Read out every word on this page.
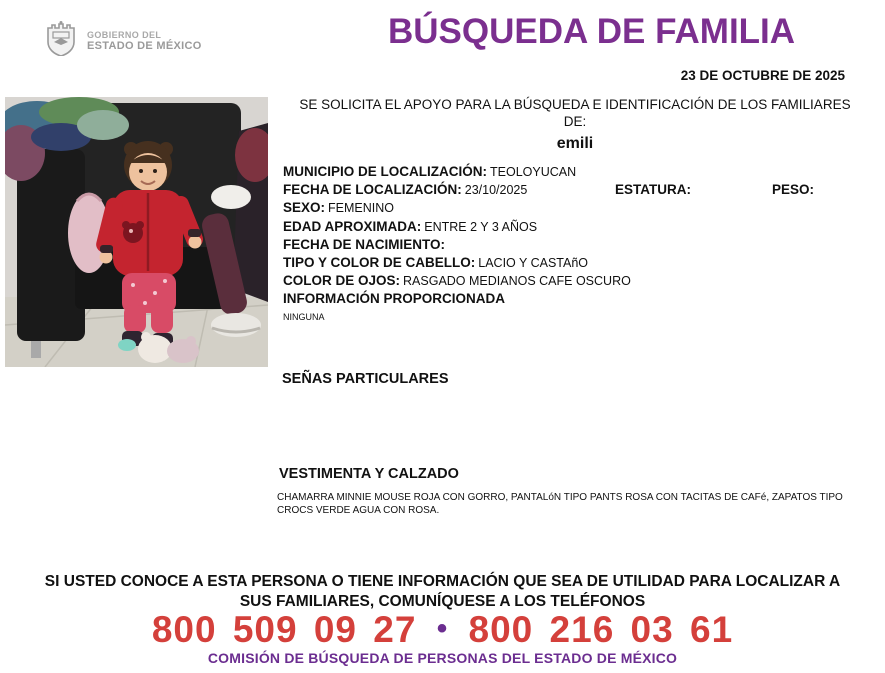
GOBIERNO DEL
ESTADO DE MÉXICO	BÚSQUEDA DE FAMILIA
23 DE OCTUBRE DE 2025
SE SOLICITA EL APOYO PARA LA BÚSQUEDA E IDENTIFICACIÓN DE LOS FAMILIARES
DE:
emili
MUNICIPIO DE LOCALIZACIÓN: TEOLOYUCAN
FECHA DE LOCALIZACIÓN: 23/10/2025	ESTATURA:	PESO:
SEXO: FEMENINO
EDAD APROXIMADA: ENTRE 2 Y 3 AÑOS
FECHA DE NACIMIENTO:
TIPO Y COLOR DE CABELLO: LACIO Y CASTAñO
COLOR DE OJOS: RASGADO MEDIANOS CAFE OSCURO
INFORMACIÓN PROPORCIONADA
NINGUNA
SEÑAS PARTICULARES
VESTIMENTA Y CALZADO
CHAMARRA MINNIE MOUSE ROJA CON GORRO, PANTALóN TIPO PANTS ROSA CON TACITAS DE CAFé, ZAPATOS TIPO CROCS VERDE AGUA CON ROSA.
SI USTED CONOCE A ESTA PERSONA O TIENE INFORMACIÓN QUE SEA DE UTILIDAD PARA LOCALIZAR A SUS FAMILIARES, COMUNÍQUESE A LOS TELÉFONOS
800 509 09 27 • 800 216 03 61
COMISIÓN DE BÚSQUEDA DE PERSONAS DEL ESTADO DE MÉXICO
